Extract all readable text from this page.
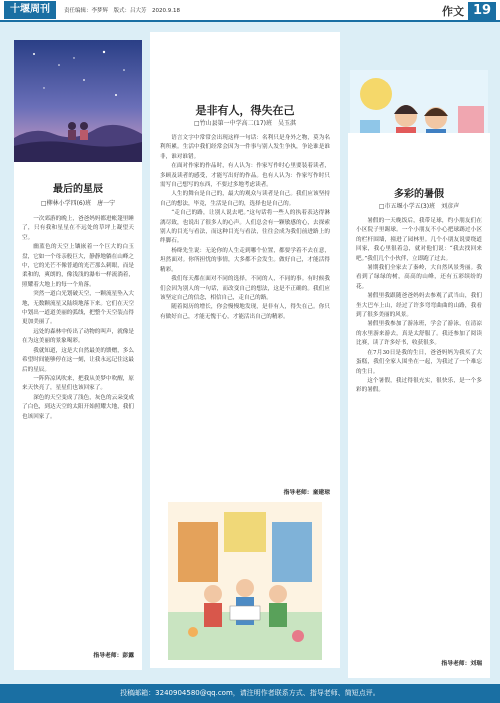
十堰周刊	责任编辑：李梦辉　版式：吕大芳　2020.9.18	作文 19
最后的星辰
□柳林小学四(6)班　唐一宁

一次郊游的晚上，爸爸妈妈都进帐篷里睡了，只有我和星星在不远处的草坪上凝望天空。

幽蓝色的天空上镶嵌着一个巨大的白玉盘，它如一个母亲般巨大，静静地躺在山峰之中，它的光芒不像普通的光芒那么刺眼，而是柔和的，爽朗的，像浅浅的瀑布一样流淌着，照耀着大地上的每一个角落。

突然一道白光划破天空，一颗流星坠入大地，无数颗流星又陆续地落下来。它们在天空中划出一道道美丽的弧线，把整个天空装点得更加美丽了。

远处的森林中传出了动物的叫声，就像是在为这美丽的景象喝彩。

我就知道，这是大自然最美的馈赠，多么希望时间能够停在这一刻，让我永远记住这最后的星辰。

一阵阵凉风吹来，把我从美梦中吹醒，原来天快亮了，星星们也该回家了。

深色的天空变成了浅色，灰色的云朵变成了白色，到达天空的太阳开始照耀大地，我们也该回家了。

指导老师：彭露
是非有人，得失在己
□竹山县第一中学高二(17)班　吴玉淇

语言文字中常常会出现这样一句话：名利只是身外之物，莫为名利所累。生活中我们经常会因为一件事与别人发生争执，争论谁是谁非，谁对谁错。

在面对作家的作品时，有人认为：作家写作时心里要装着读者，多顾及读者的感受，才能写出好的作品。也有人认为：作家写作时只需写自己想写的东西，不要过多地考虑读者。

人生的舞台是自己的，最大的观众与读者是自己。我们应该坚持自己的想法，毕竟，生活是自己的，选择也是自己的。

“走自己的路，让别人说去吧。”这句话将一些人的执着表达得淋漓尽致，也说出了很多人的心声。人们总会有一颗敏感的心，去探索别人的目光与看法，而这种目光与看法，往往会成为我们前进路上的绊脚石。

杨绛先生说：无论你的人生走到哪个位置，都要学着不去在意，坦然面对。你所担忧的事情，大多都不会发生。做好自己，才能活得精彩。

我们每天都在面对不同的选择，不同的人，不同的事。有时候我们会因为别人的一句话，而改变自己的想法，这是不正确的。我们应该坚定自己的信念，相信自己，走自己的路。

随着阅历的增长，你会慢慢地发现，是非有人，得失在己。你只有做好自己，才能无愧于心，才能活出自己的精彩。

指导老师：童建琼
多彩的暑假
□市五堰小学五(3)班　刘彦声

暑假的一天晚饭后，我带足球，约小朋友们在小区院子里踢球。一个小朋友不小心把球踢过小区的栏杆围墙，撞进了园林里。几个小朋友说要绕道回家，我心里很着急，就对他们说：“我去找回来吧。”我们几个小伙伴，立即跑了过去。

暑期我们全家去了秦岭，大自然风景秀丽。我看到了绿绿的树，高高的山峰，还有五彩缤纷的花。

暑假里我跟随爸爸妈妈去参观了武当山，我们坐大巴车上山，经过了许多弯弯曲曲的山路，我看到了很多美丽的风景。

暑假里我参加了游泳班，学会了游泳，在清凉的水里游来游去，真是太舒服了。我还参加了阅读比赛，读了许多好书，收获很多。

在7月30日是我的生日，爸爸妈妈为我买了大蛋糕，我们全家人围坐在一起，为我过了一个难忘的生日。

这个暑假，我过得很充实，很快乐，是一个多彩的暑假。

指导老师：刘瑞
投稿邮箱：3240904580@qq.com，请注明作者联系方式、指导老师、简短点评。
